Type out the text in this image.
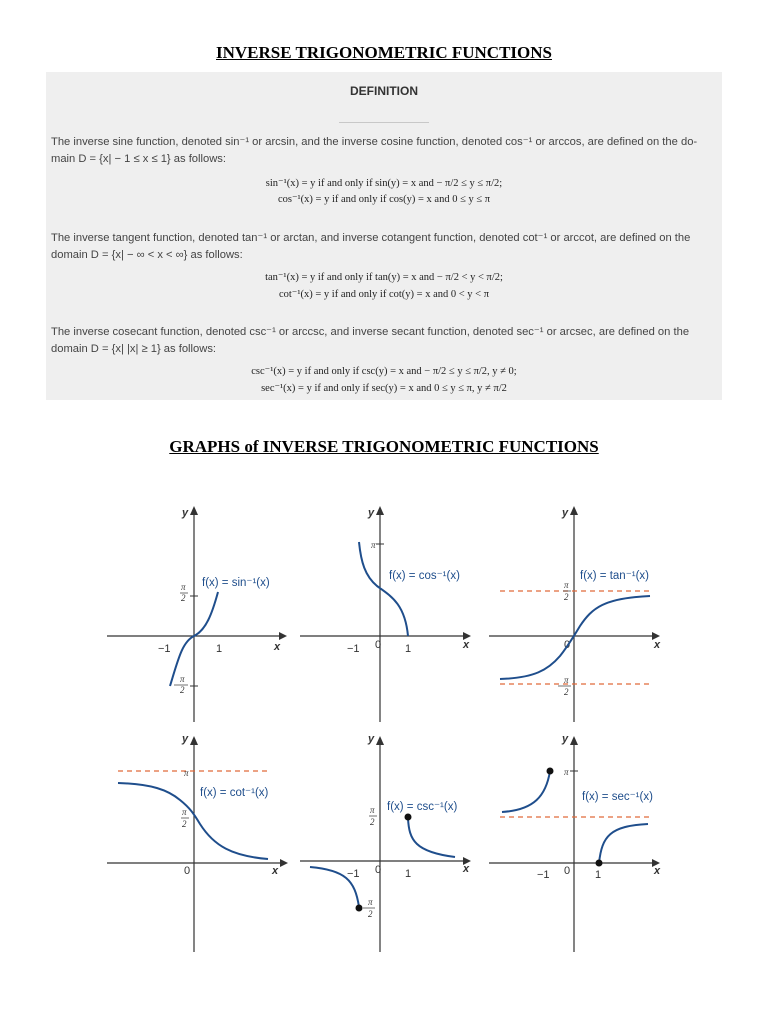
INVERSE TRIGONOMETRIC FUNCTIONS
DEFINITION
The inverse sine function, denoted sin⁻¹ or arcsin, and the inverse cosine function, denoted cos⁻¹ or arccos, are defined on the do-main D = {x| − 1 ≤ x ≤ 1} as follows:
sin⁻¹(x) = y if and only if sin(y) = x and − π/2 ≤ y ≤ π/2;
cos⁻¹(x) = y if and only if cos(y) = x and 0 ≤ y ≤ π
The inverse tangent function, denoted tan⁻¹ or arctan, and inverse cotangent function, denoted cot⁻¹ or arccot, are defined on the domain D = {x| − ∞ < x < ∞} as follows:
tan⁻¹(x) = y if and only if tan(y) = x and − π/2 < y < π/2;
cot⁻¹(x) = y if and only if cot(y) = x and 0 < y < π
The inverse cosecant function, denoted csc⁻¹ or arccsc, and inverse secant function, denoted sec⁻¹ or arcsec, are defined on the domain D = {x| |x| ≥ 1} as follows:
csc⁻¹(x) = y if and only if csc(y) = x and − π/2 ≤ y ≤ π/2, y ≠ 0;
sec⁻¹(x) = y if and only if sec(y) = x and 0 ≤ y ≤ π, y ≠ π/2
GRAPHS of INVERSE TRIGONOMETRIC FUNCTIONS
y
x
−1	1
π
2
π
2
f(x) = sin⁻¹(x)
y
x
−1 0 1
π
f(x) = cos⁻¹(x)
y
x
0
π
2
π
2
f(x) = tan⁻¹(x)
y
x
0
π
π
2
f(x) = cot⁻¹(x)
y
x
−1 0 1
π
2
π
2
f(x) = csc⁻¹(x)
y
x
−1 0 1
π
f(x) = sec⁻¹(x)
